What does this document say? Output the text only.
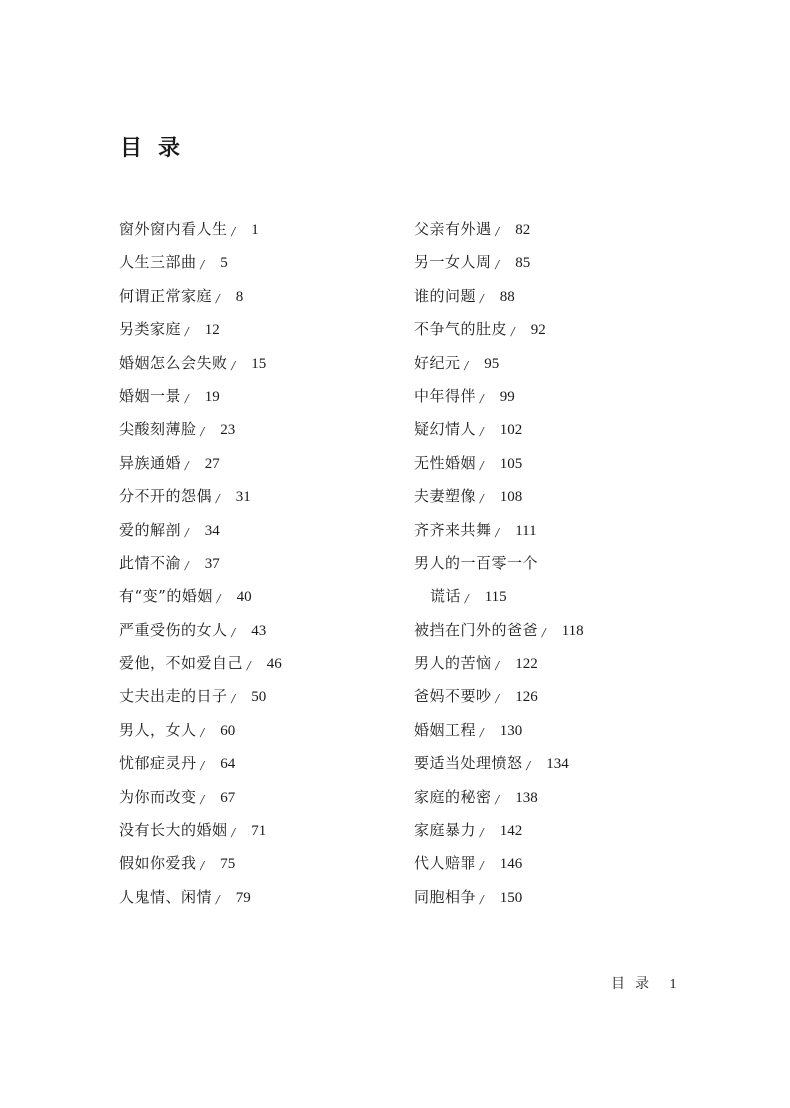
目录
窗外窗内看人生 / 1
人生三部曲 / 5
何谓正常家庭 / 8
另类家庭 / 12
婚姻怎么会失败 / 15
婚姻一景 / 19
尖酸刻薄脸 / 23
异族通婚 / 27
分不开的怨偶 / 31
爱的解剖 / 34
此情不渝 / 37
有“变”的婚姻 / 40
严重受伤的女人 / 43
爱他，不如爱自己 / 46
丈夫出走的日子 / 50
男人，女人 / 60
忧郁症灵丹 / 64
为你而改变 / 67
没有长大的婚姻 / 71
假如你爱我 / 75
人鬼情、闲情 / 79
父亲有外遇 / 82
另一女人周 / 85
谁的问题 / 88
不争气的肚皮 / 92
好纪元 / 95
中年得伴 / 99
疑幻情人 / 102
无性婚姻 / 105
夫妻塑像 / 108
齐齐来共舞 / 111
男人的一百零一个
谎话 / 115
被挡在门外的爸爸 / 118
男人的苦恼 / 122
爸妈不要吵 / 126
婚姻工程 / 130
要适当处理愤怒 / 134
家庭的秘密 / 138
家庭暴力 / 142
代人赔罪 / 146
同胞相争 / 150
目录 1
